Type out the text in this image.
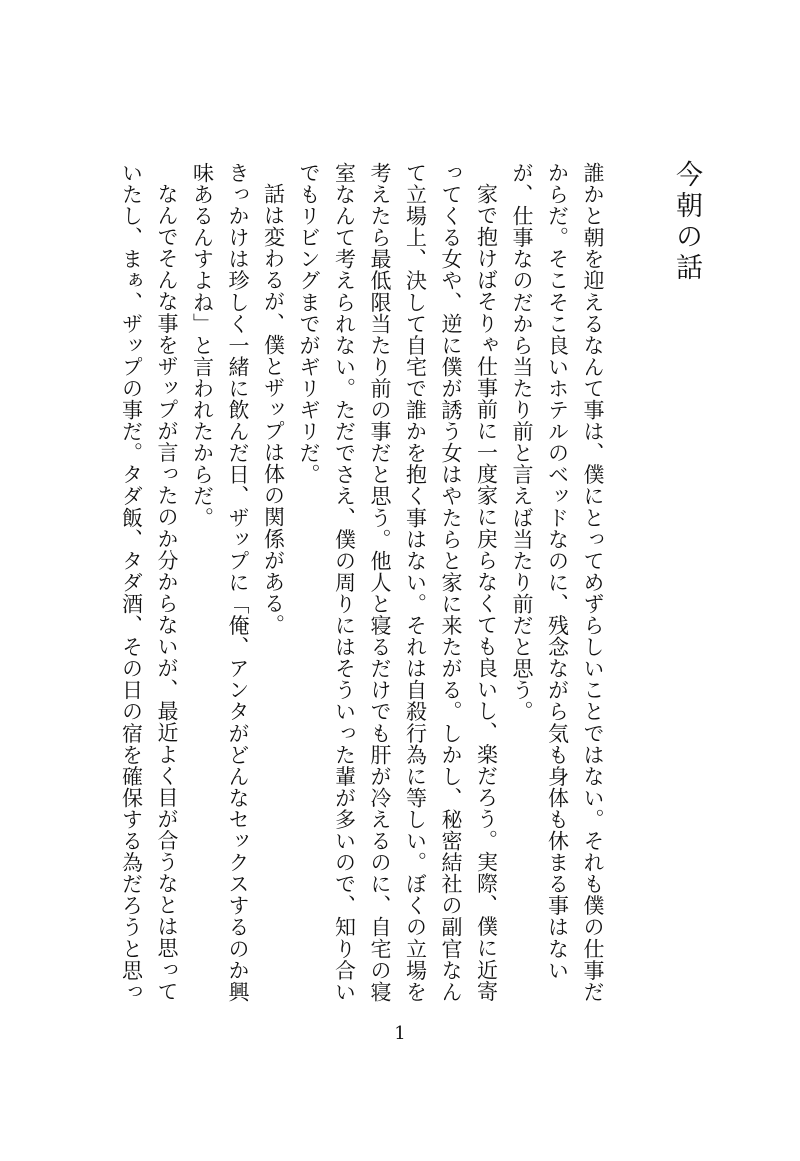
今朝の話

誰かと朝を迎えるなんて事は、僕にとってめずらしいことではない。それも僕の仕事だからだ。そこそこ良いホテルのベッドなのに、残念ながら気も身体も休まる事はないが、仕事なのだから当たり前と言えば当たり前だと思う。

家で抱けばそりゃ仕事前に一度家に戻らなくても良いし、楽だろう。実際、僕に近寄ってくる女や、逆に僕が誘う女はやたらと家に来たがる。しかし、秘密結社の副官なんて立場上、決して自宅で誰かを抱く事はない。それは自殺行為に等しい。ぼくの立場を考えたら最低限当たり前の事だと思う。他人と寝るだけでも肝が冷えるのに、自宅の寝室なんて考えられない。ただでさえ、僕の周りにはそういった輩が多いので、知り合いでもリビングまでがギリギリだ。

話は変わるが、僕とザップは体の関係がある。

きっかけは珍しく一緒に飲んだ日、ザップに「俺、アンタがどんなセックスするのか興味あるんすよね」と言われたからだ。

なんでそんな事をザップが言ったのか分からないが、最近よく目が合うなとは思っていたし、まぁ、ザップの事だ。タダ飯、タダ酒、その日の宿を確保する為だろうと思っ

1
